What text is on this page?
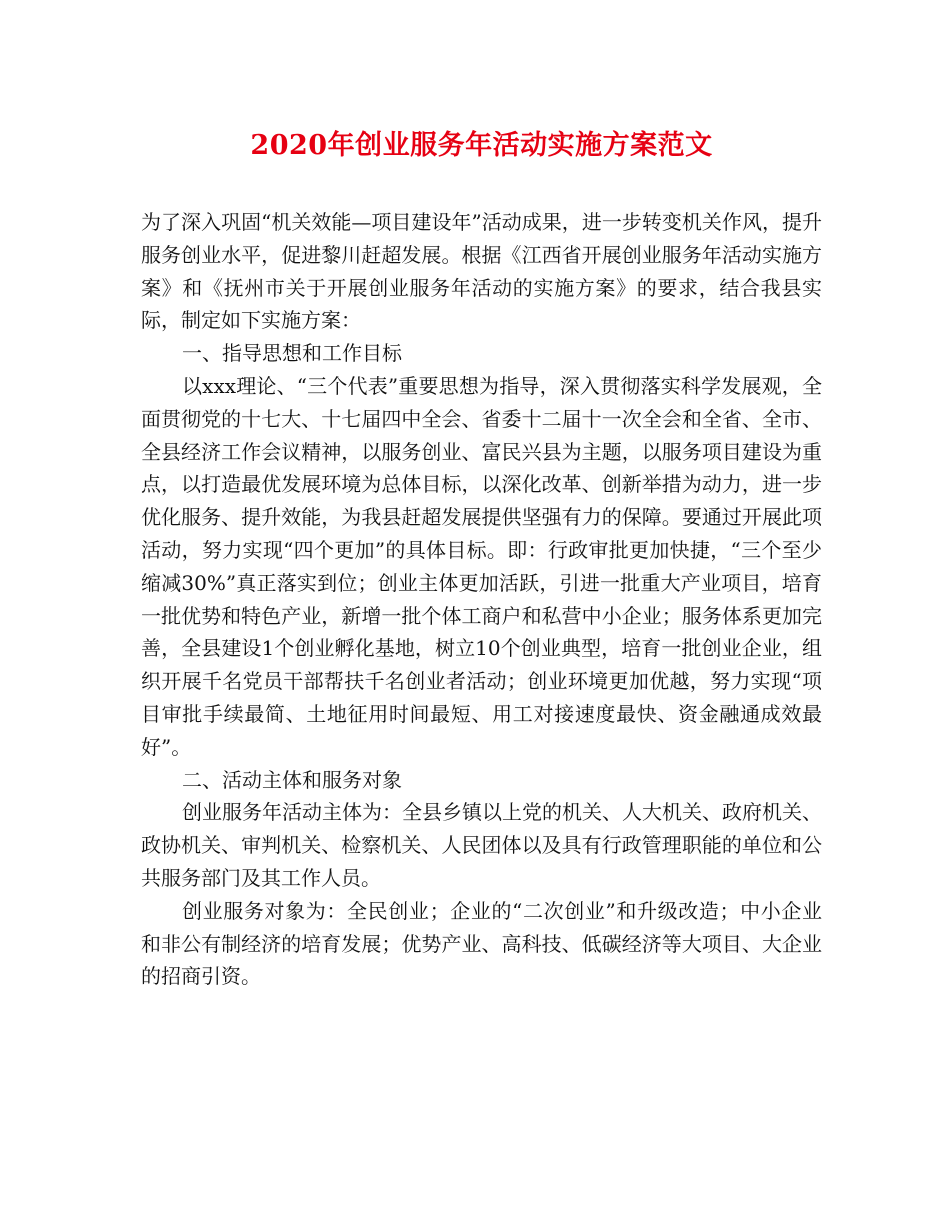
2020年创业服务年活动实施方案范文

为了深入巩固“机关效能—项目建设年”活动成果，进一步转变机关作风，提升服务创业水平，促进黎川赶超发展。根据《江西省开展创业服务年活动实施方案》和《抚州市关于开展创业服务年活动的实施方案》的要求，结合我县实际，制定如下实施方案：

一、指导思想和工作目标

以xxx理论、“三个代表”重要思想为指导，深入贯彻落实科学发展观，全面贯彻党的十七大、十七届四中全会、省委十二届十一次全会和全省、全市、全县经济工作会议精神，以服务创业、富民兴县为主题，以服务项目建设为重点，以打造最优发展环境为总体目标，以深化改革、创新举措为动力，进一步优化服务、提升效能，为我县赶超发展提供坚强有力的保障。要通过开展此项活动，努力实现“四个更加”的具体目标。即：行政审批更加快捷，“三个至少缩减30%”真正落实到位；创业主体更加活跃，引进一批重大产业项目，培育一批优势和特色产业，新增一批个体工商户和私营中小企业；服务体系更加完善，全县建设1个创业孵化基地，树立10个创业典型，培育一批创业企业，组织开展千名党员干部帮扶千名创业者活动；创业环境更加优越，努力实现“项目审批手续最简、土地征用时间最短、用工对接速度最快、资金融通成效最好”。

二、活动主体和服务对象

创业服务年活动主体为：全县乡镇以上党的机关、人大机关、政府机关、政协机关、审判机关、检察机关、人民团体以及具有行政管理职能的单位和公共服务部门及其工作人员。

创业服务对象为：全民创业；企业的“二次创业”和升级改造；中小企业和非公有制经济的培育发展；优势产业、高科技、低碳经济等大项目、大企业的招商引资。
